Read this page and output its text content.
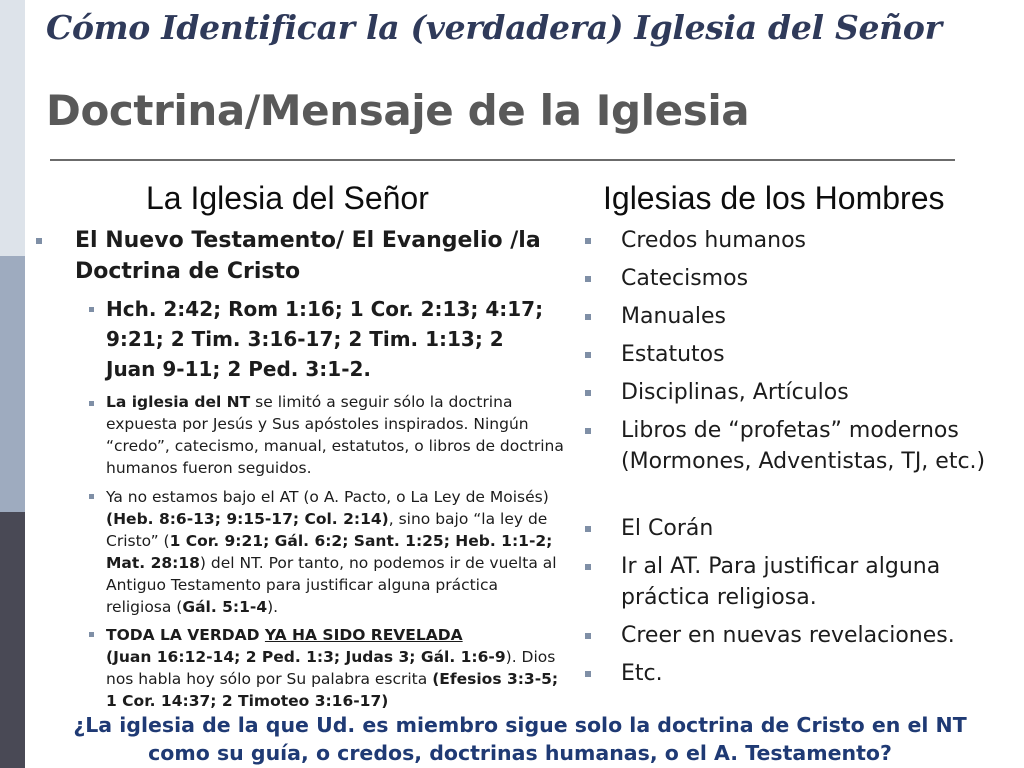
Cómo Identificar la (verdadera) Iglesia del Señor
Doctrina/Mensaje de la Iglesia
La Iglesia del Señor
El Nuevo Testamento/ El Evangelio /la Doctrina de Cristo
Hch. 2:42; Rom 1:16; 1 Cor. 2:13; 4:17; 9:21; 2 Tim. 3:16-17; 2 Tim. 1:13; 2 Juan 9-11; 2 Ped. 3:1-2.
La iglesia del NT se limitó a seguir sólo la doctrina expuesta por Jesús y Sus apóstoles inspirados. Ningún “credo”, catecismo, manual, estatutos, o libros de doctrina humanos fueron seguidos.
Ya no estamos bajo el AT (o A. Pacto, o La Ley de Moisés) (Heb. 8:6-13; 9:15-17; Col. 2:14), sino bajo “la ley de Cristo” (1 Cor. 9:21; Gál. 6:2; Sant. 1:25; Heb. 1:1-2; Mat. 28:18) del NT. Por tanto, no podemos ir de vuelta al Antiguo Testamento para justificar alguna práctica religiosa (Gál. 5:1-4).
TODA LA VERDAD YA HA SIDO REVELADA
(Juan 16:12-14; 2 Ped. 1:3; Judas 3; Gál. 1:6-9). Dios nos habla hoy sólo por Su palabra escrita (Efesios 3:3-5; 1 Cor. 14:37; 2 Timoteo 3:16-17)
Iglesias de los Hombres
Credos humanos
Catecismos
Manuales
Estatutos
Disciplinas, Artículos
Libros de “profetas” modernos (Mormones, Adventistas, TJ, etc.)
El Corán
Ir al AT. Para justificar alguna práctica religiosa.
Creer en nuevas revelaciones.
Etc.

¿La iglesia de la que Ud. es miembro sigue solo la doctrina de Cristo en el NT como su guía, o credos, doctrinas humanas, o el A. Testamento?
